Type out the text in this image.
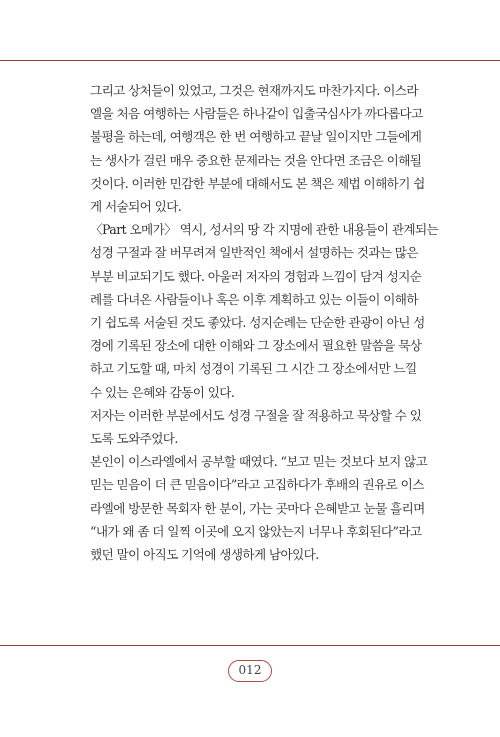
그리고 상처들이 있었고, 그것은 현재까지도 마찬가지다. 이스라
엘을 처음 여행하는 사람들은 하나같이 입출국심사가 까다롭다고
불평을 하는데, 여행객은 한 번 여행하고 끝날 일이지만 그들에게
는 생사가 걸린 매우 중요한 문제라는 것을 안다면 조금은 이해될
것이다. 이러한 민감한 부분에 대해서도 본 책은 제법 이해하기 쉽
게 서술되어 있다.

〈Part 오메가〉 역시, 성서의 땅 각 지명에 관한 내용들이 관계되는
성경 구절과 잘 버무려져 일반적인 책에서 설명하는 것과는 많은
부분 비교되기도 했다. 아울러 저자의 경험과 느낌이 담겨 성지순
례를 다녀온 사람들이나 혹은 이후 계획하고 있는 이들이 이해하
기 쉽도록 서술된 것도 좋았다. 성지순례는 단순한 관광이 아닌 성
경에 기록된 장소에 대한 이해와 그 장소에서 필요한 말씀을 묵상
하고 기도할 때, 마치 성경이 기록된 그 시간 그 장소에서만 느낄
수 있는 은혜와 감동이 있다.

저자는 이러한 부분에서도 성경 구절을 잘 적용하고 묵상할 수 있
도록 도와주었다.

본인이 이스라엘에서 공부할 때였다. “보고 믿는 것보다 보지 않고
믿는 믿음이 더 큰 믿음이다”라고 고집하다가 후배의 권유로 이스
라엘에 방문한 목회자 한 분이, 가는 곳마다 은혜받고 눈물 흘리며
“내가 왜 좀 더 일찍 이곳에 오지 않았는지 너무나 후회된다”라고
했던 말이 아직도 기억에 생생하게 남아있다.

012
